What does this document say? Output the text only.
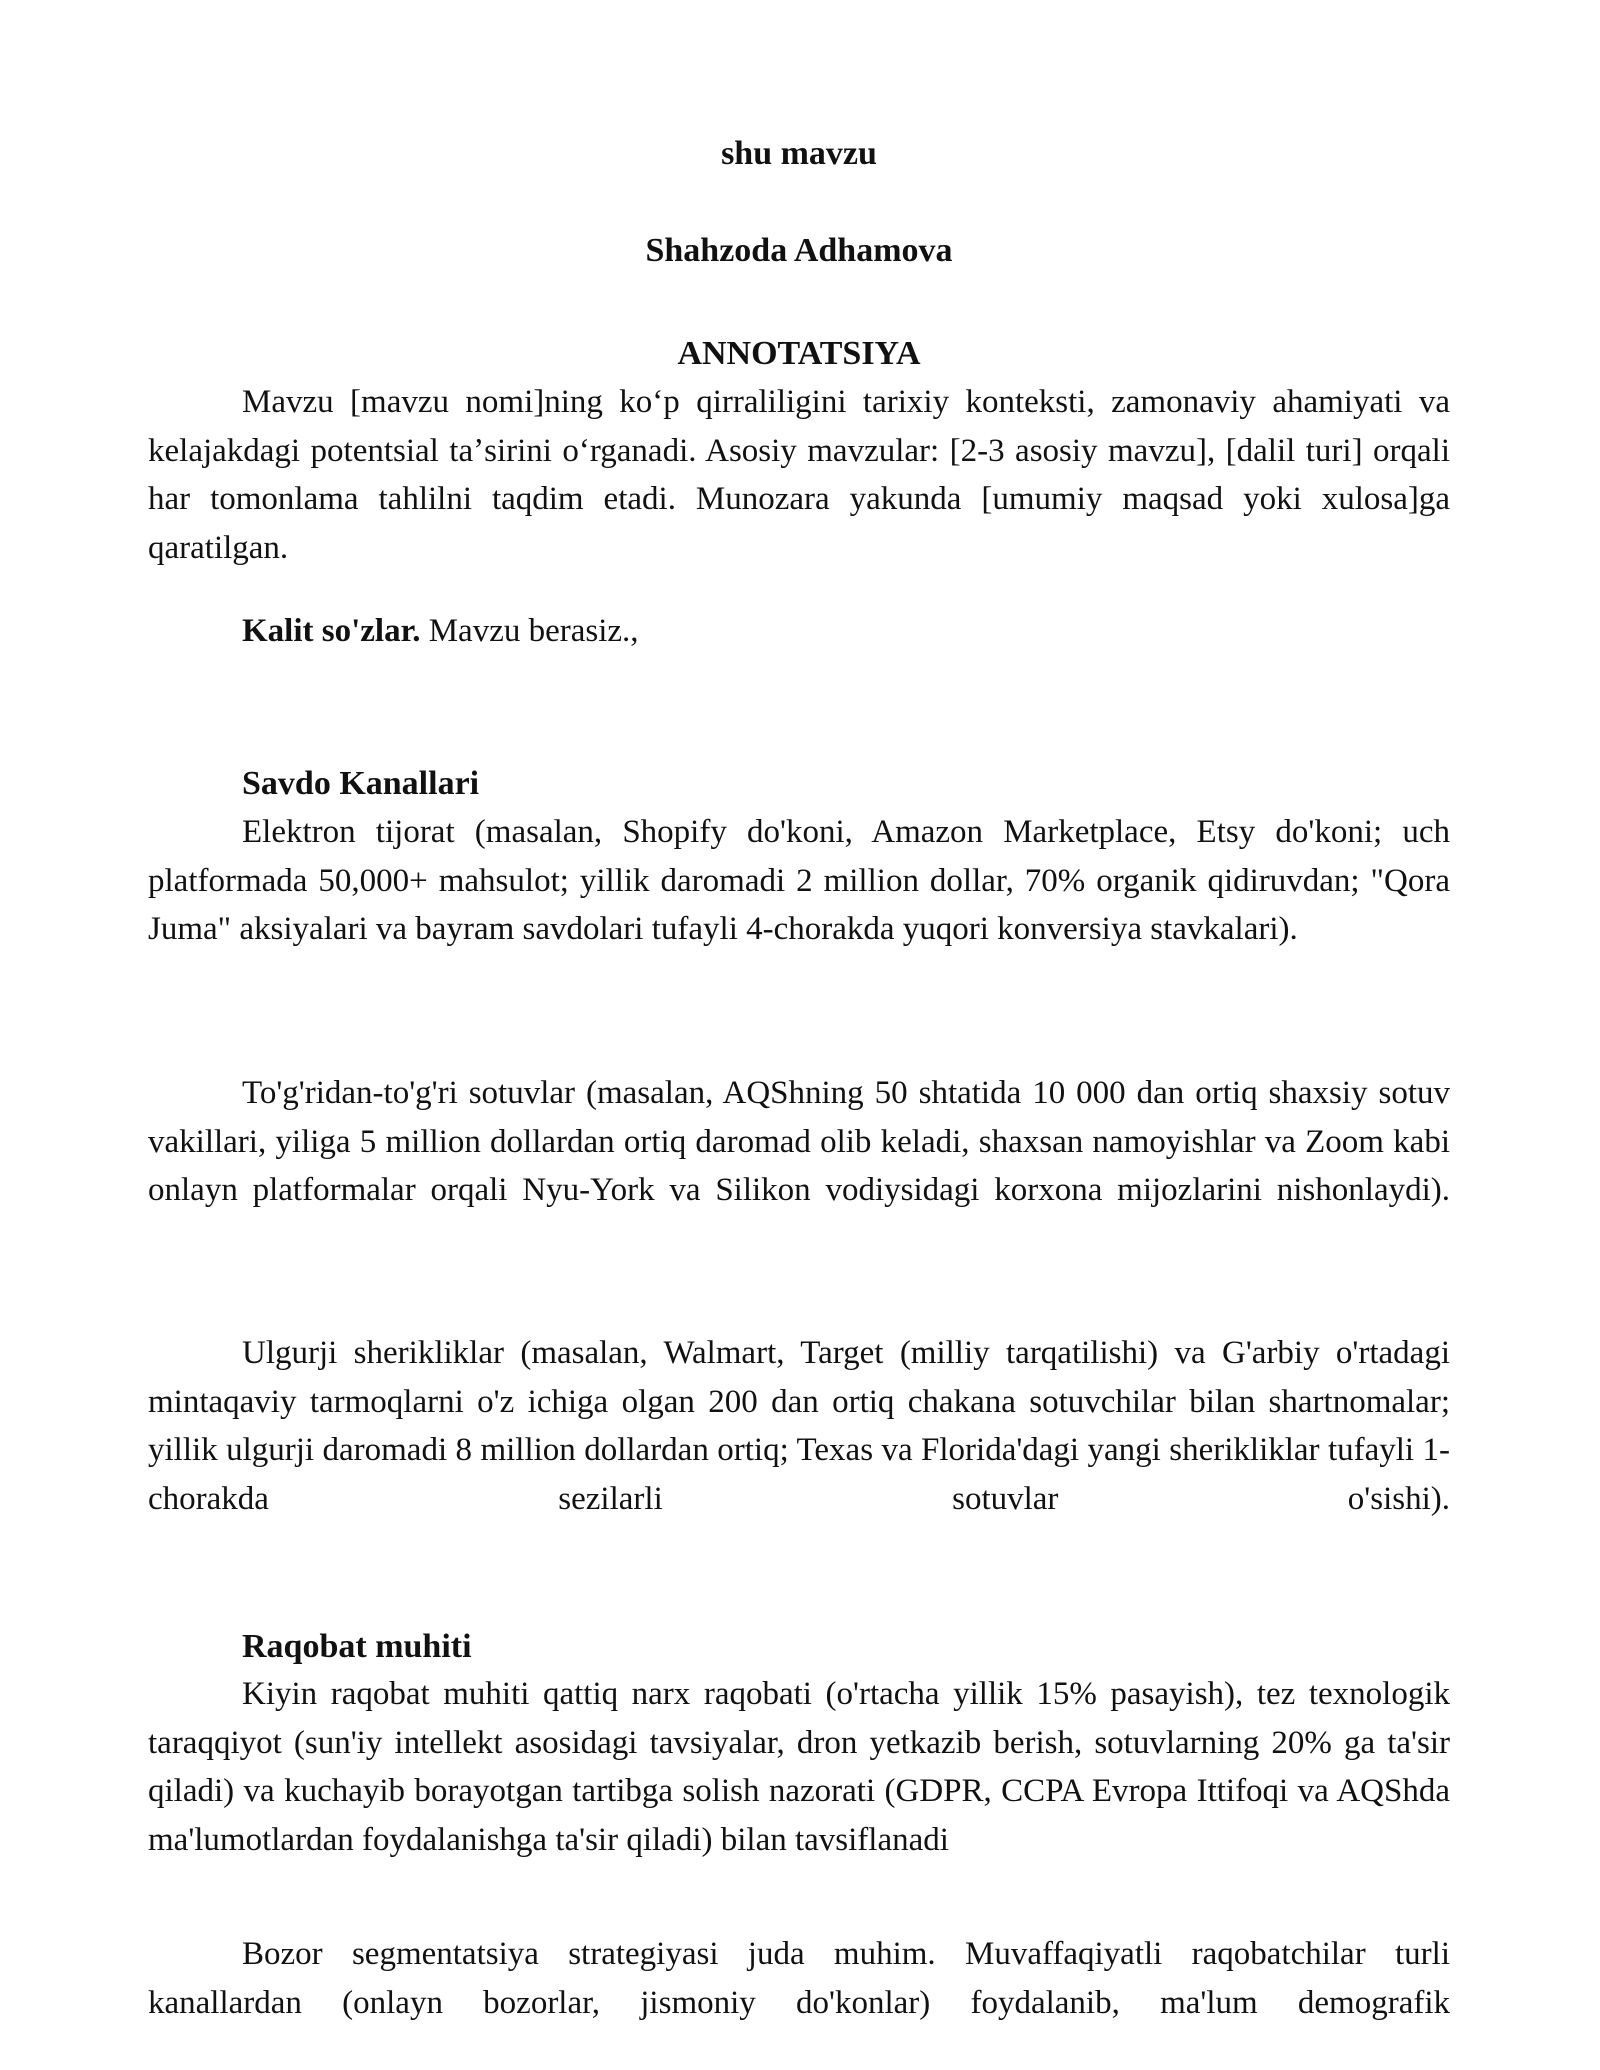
shu mavzu
Shahzoda Adhamova
ANNOTATSIYA

Mavzu [mavzu nomi]ning koʻp qirraliligini tarixiy konteksti, zamonaviy ahamiyati va kelajakdagi potentsial taʼsirini oʻrganadi. Asosiy mavzular: [2-3 asosiy mavzu], [dalil turi] orqali har tomonlama tahlilni taqdim etadi. Munozara yakunda [umumiy maqsad yoki xulosa]ga qaratilgan.

Kalit so'zlar. Mavzu berasiz.,

Savdo Kanallari

Elektron tijorat (masalan, Shopify do'koni, Amazon Marketplace, Etsy do'koni; uch platformada 50,000+ mahsulot; yillik daromadi 2 million dollar, 70% organik qidiruvdan; "Qora Juma" aksiyalari va bayram savdolari tufayli 4-chorakda yuqori konversiya stavkalari).

To'g'ridan-to'g'ri sotuvlar (masalan, AQShning 50 shtatida 10 000 dan ortiq shaxsiy sotuv vakillari, yiliga 5 million dollardan ortiq daromad olib keladi, shaxsan namoyishlar va Zoom kabi onlayn platformalar orqali Nyu-York va Silikon vodiysidagi korxona mijozlarini nishonlaydi).

Ulgurji sherikliklar (masalan, Walmart, Target (milliy tarqatilishi) va G'arbiy o'rtadagi mintaqaviy tarmoqlarni o'z ichiga olgan 200 dan ortiq chakana sotuvchilar bilan shartnomalar; yillik ulgurji daromadi 8 million dollardan ortiq; Texas va Florida'dagi yangi sherikliklar tufayli 1-chorakda sezilarli sotuvlar o'sishi).

Raqobat muhiti

Kiyin raqobat muhiti qattiq narx raqobati (o'rtacha yillik 15% pasayish), tez texnologik taraqqiyot (sun'iy intellekt asosidagi tavsiyalar, dron yetkazib berish, sotuvlarning 20% ga ta'sir qiladi) va kuchayib borayotgan tartibga solish nazorati (GDPR, CCPA Evropa Ittifoqi va AQShda ma'lumotlardan foydalanishga ta'sir qiladi) bilan tavsiflanadi

Bozor segmentatsiya strategiyasi juda muhim. Muvaffaqiyatli raqobatchilar turli kanallardan (onlayn bozorlar, jismoniy do'konlar) foydalanib, ma'lum demografik
